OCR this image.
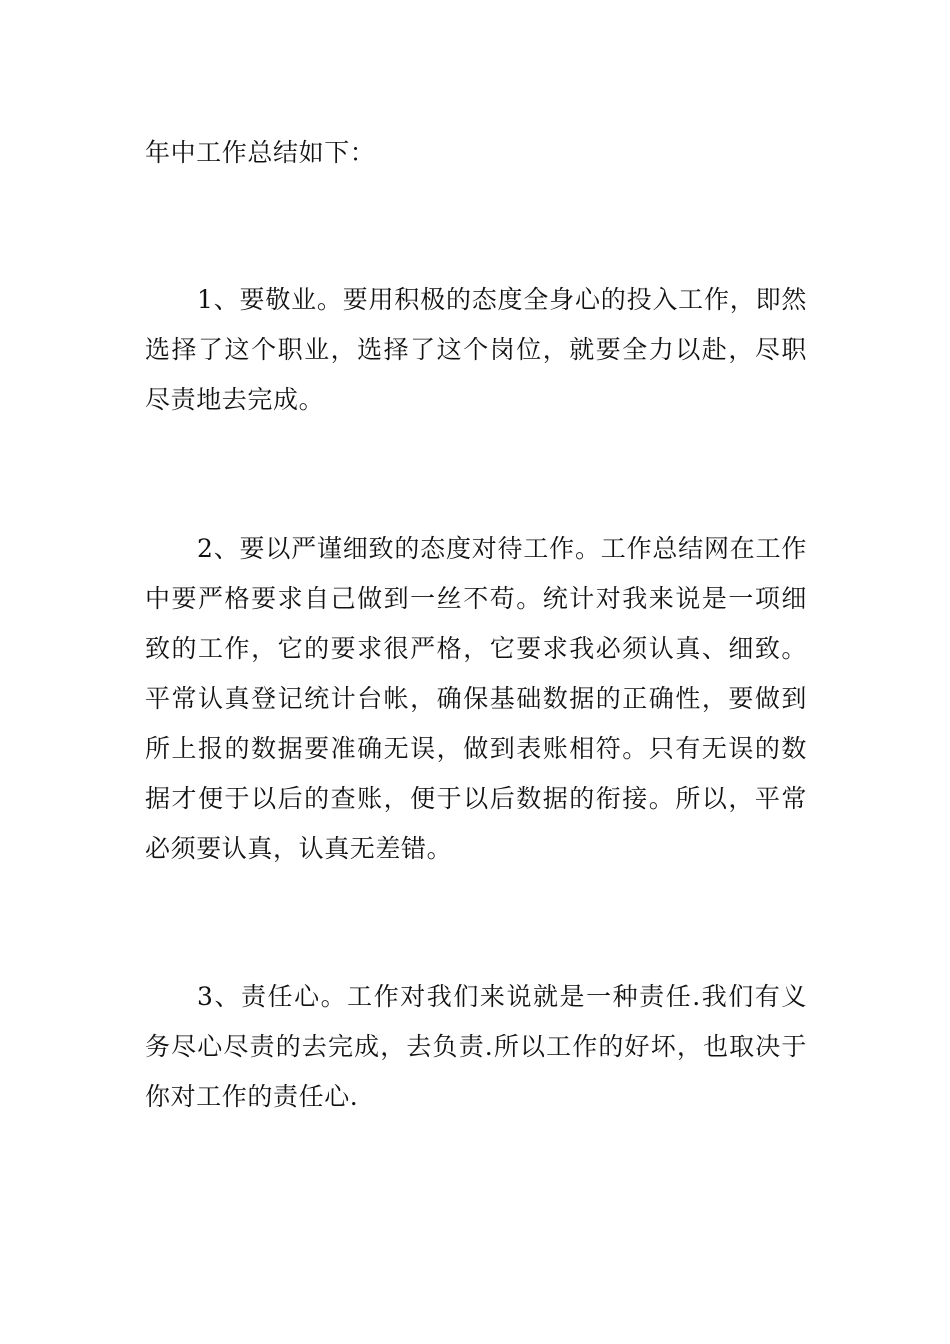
年中工作总结如下：

1、要敬业。要用积极的态度全身心的投入工作，即然选择了这个职业，选择了这个岗位，就要全力以赴，尽职尽责地去完成。

2、要以严谨细致的态度对待工作。工作总结网在工作中要严格要求自己做到一丝不苟。统计对我来说是一项细致的工作，它的要求很严格，它要求我必须认真、细致。平常认真登记统计台帐，确保基础数据的正确性，要做到所上报的数据要准确无误，做到表账相符。只有无误的数据才便于以后的查账，便于以后数据的衔接。所以，平常必须要认真，认真无差错。

3、责任心。工作对我们来说就是一种责任.我们有义务尽心尽责的去完成，去负责.所以工作的好坏，也取决于你对工作的责任心.
